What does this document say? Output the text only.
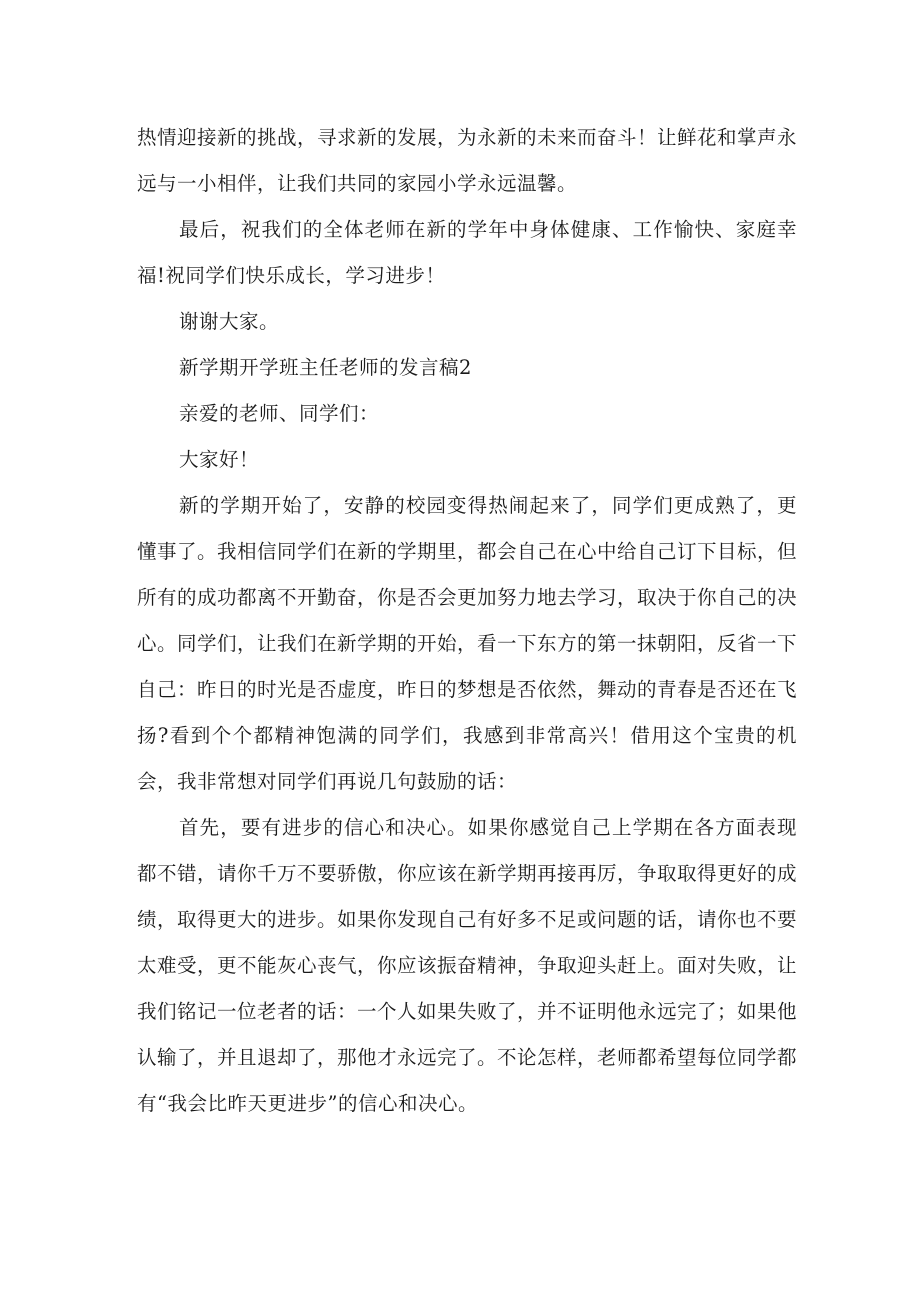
热情迎接新的挑战，寻求新的发展，为永新的未来而奋斗！让鲜花和掌声永远与一小相伴，让我们共同的家园小学永远温馨。

最后，祝我们的全体老师在新的学年中身体健康、工作愉快、家庭幸福!祝同学们快乐成长，学习进步！

谢谢大家。

新学期开学班主任老师的发言稿2

亲爱的老师、同学们：

大家好！

新的学期开始了，安静的校园变得热闹起来了，同学们更成熟了，更懂事了。我相信同学们在新的学期里，都会自己在心中给自己订下目标，但所有的成功都离不开勤奋，你是否会更加努力地去学习，取决于你自己的决心。同学们，让我们在新学期的开始，看一下东方的第一抹朝阳，反省一下自己：昨日的时光是否虚度，昨日的梦想是否依然，舞动的青春是否还在飞扬?看到个个都精神饱满的同学们，我感到非常高兴！借用这个宝贵的机会，我非常想对同学们再说几句鼓励的话：

首先，要有进步的信心和决心。如果你感觉自己上学期在各方面表现都不错，请你千万不要骄傲，你应该在新学期再接再厉，争取取得更好的成绩，取得更大的进步。如果你发现自己有好多不足或问题的话，请你也不要太难受，更不能灰心丧气，你应该振奋精神，争取迎头赶上。面对失败，让我们铭记一位老者的话：一个人如果失败了，并不证明他永远完了；如果他认输了，并且退却了，那他才永远完了。不论怎样，老师都希望每位同学都有“我会比昨天更进步”的信心和决心。
